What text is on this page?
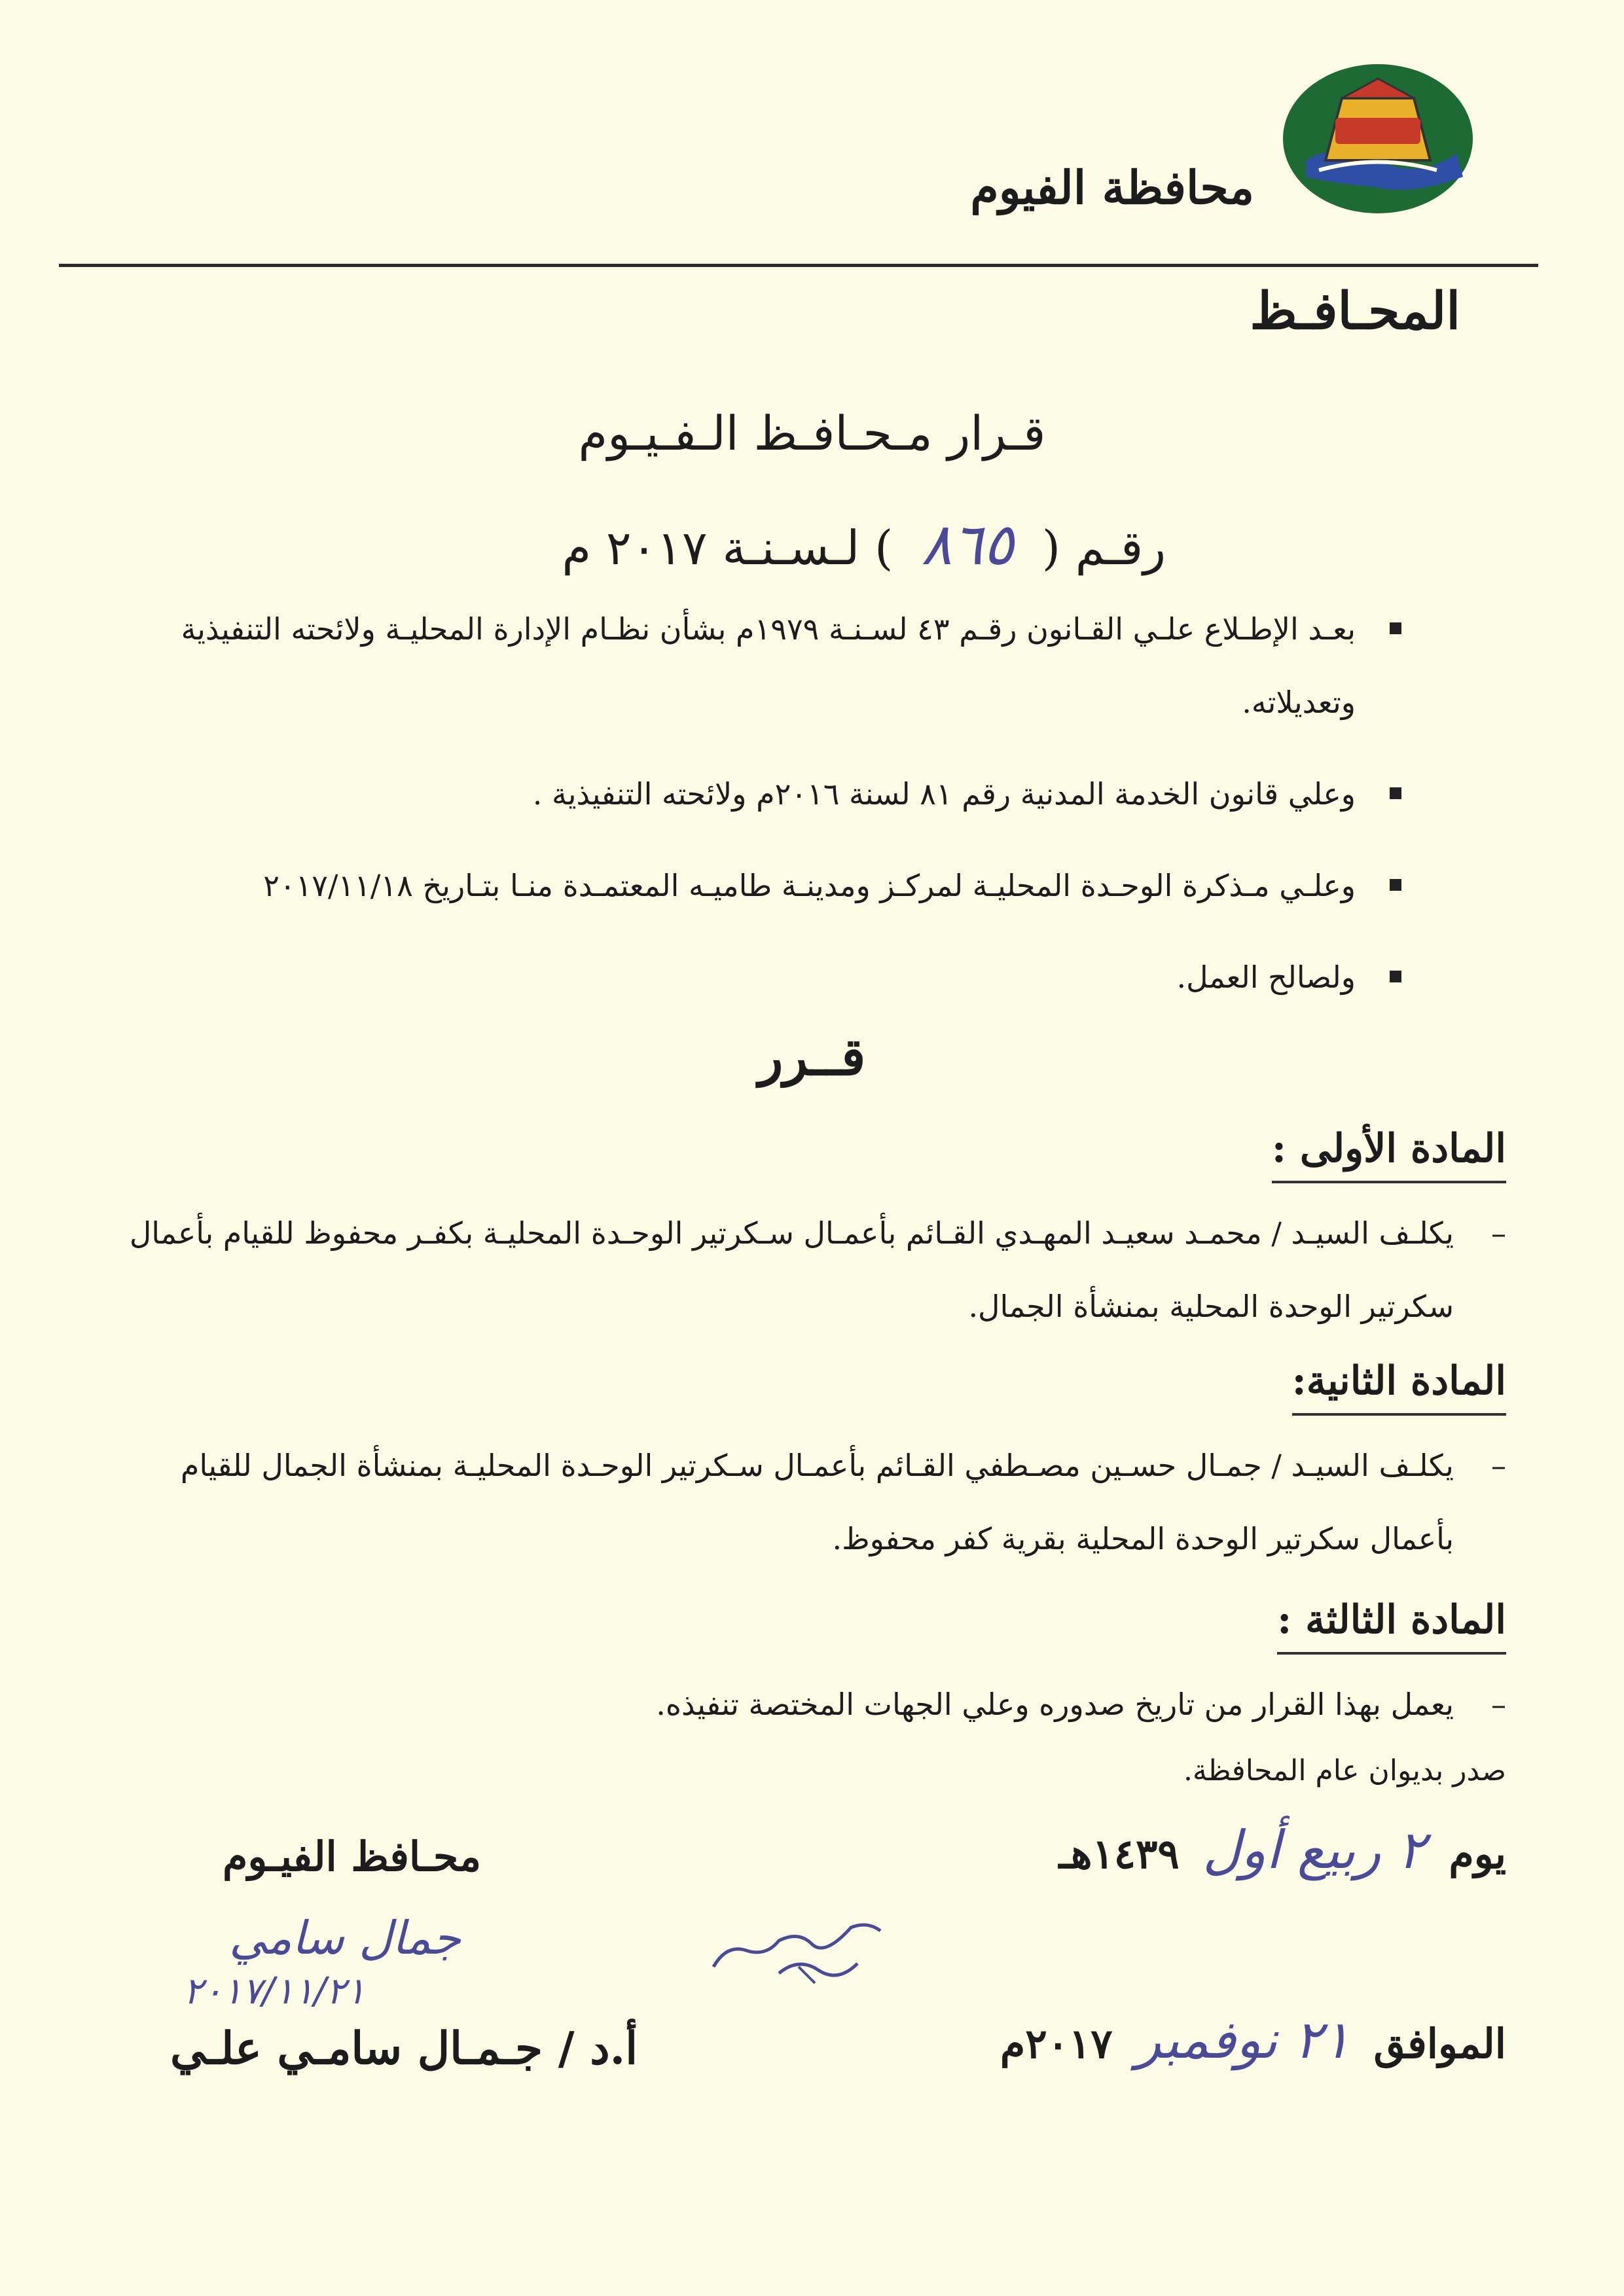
محافظة الفيوم
المحـافـظ
قـرار مـحـافـظ الـفـيـوم
رقـم ( ٨٦٥ ) لـسـنـة ٢٠١٧ م
بعـد الإطـلاع علـي القـانون رقـم ٤٣ لسـنـة ١٩٧٩م بشأن نظـام الإدارة المحليـة ولائحته التنفيذية وتعديلاته.
وعلي قانون الخدمة المدنية رقم ٨١ لسنة ٢٠١٦م ولائحته التنفيذية .
وعلـي مـذكرة الوحـدة المحليـة لمركـز ومدينـة طاميـه المعتمـدة منـا بتـاريخ ٢٠١٧/١١/١٨
ولصالح العمل.
قــرر
المادة الأولى :
–
يكلـف السيـد / محمـد سعيـد المهـدي القـائم بأعمـال سـكرتير الوحـدة المحليـة بكفـر محفوظ للقيام بأعمال سكرتير الوحدة المحلية بمنشأة الجمال.
المادة الثانية:
–
يكلـف السيـد / جمـال حسـين مصـطفي القـائم بأعمـال سـكرتير الوحـدة المحليـة بمنشأة الجمال للقيام بأعمال سكرتير الوحدة المحلية بقرية كفر محفوظ.
المادة الثالثة :
–
يعمل بهذا القرار من تاريخ صدوره وعلي الجهات المختصة تنفيذه.
صدر بديوان عام المحافظة.
يوم ٢ ربيع أول ١٤٣٩هـ
الموافق ٢١ نوفمبر ٢٠١٧م
محـافظ الفيـوم
جمال سامي
٢٠١٧/١١/٢١
أ.د / جـمـال سامـي علـي
